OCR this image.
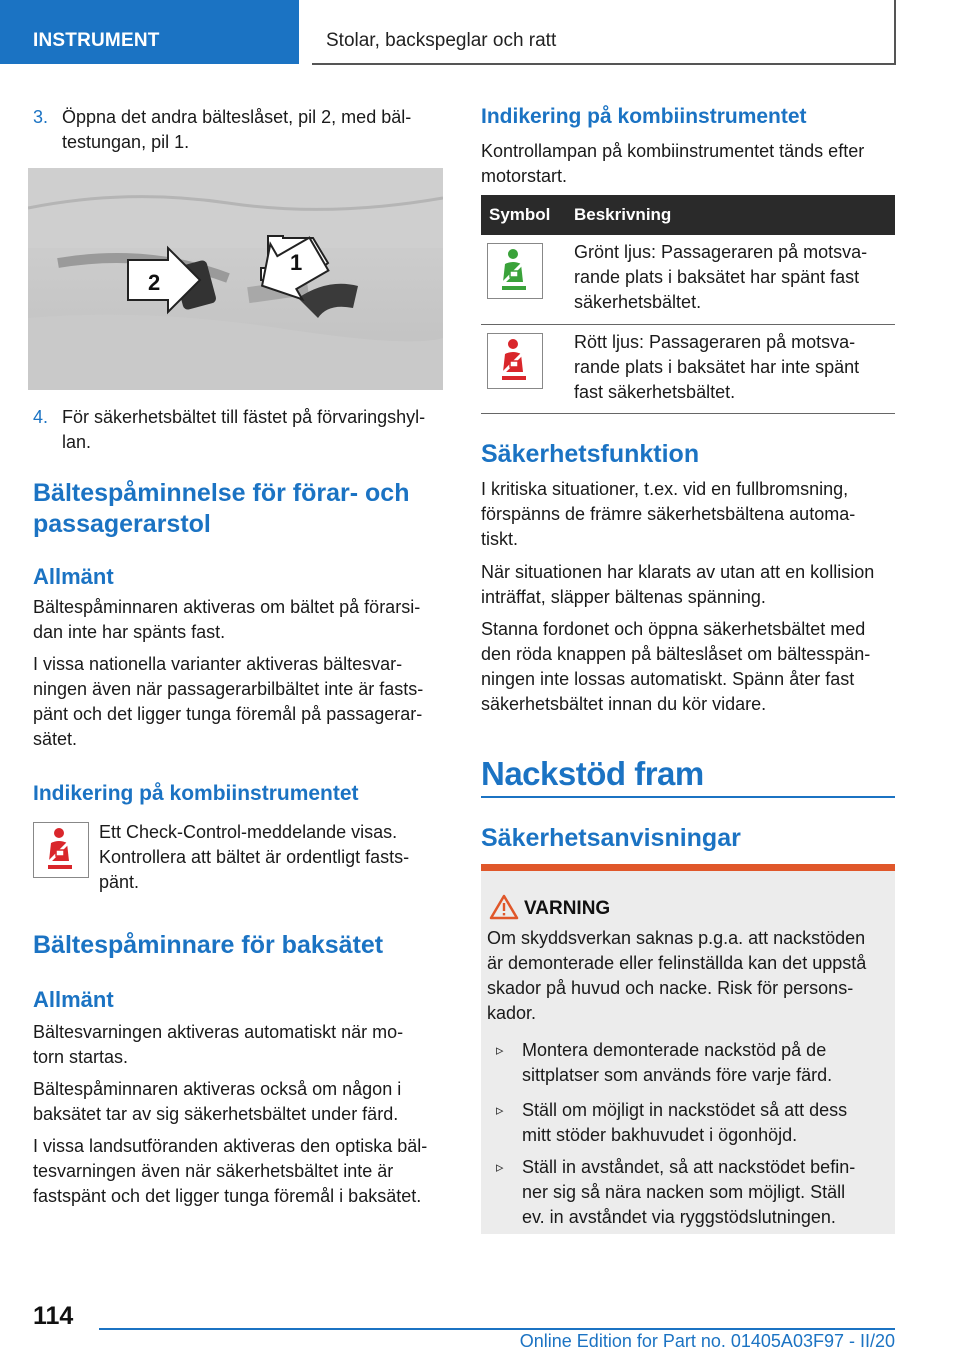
INSTRUMENT	Stolar, backspeglar och ratt
3. Öppna det andra bälteslåset, pil 2, med bäl-
testungan, pil 1.
2
1
4. För säkerhetsbältet till fästet på förvaringshyl-
lan.
Bältespåminnelse för förar- och
passagerarstol
Allmänt
Bältespåminnaren aktiveras om bältet på förarsi-
dan inte har spänts fast.
I vissa nationella varianter aktiveras bältesvar-
ningen även när passagerarbilbältet inte är fasts-
pänt och det ligger tunga föremål på passagerar-
sätet.
Indikering på kombiinstrumentet
Ett Check-Control-meddelande visas.
Kontrollera att bältet är ordentligt fasts-
pänt.
Bältespåminnare för baksätet
Allmänt
Bältesvarningen aktiveras automatiskt när mo-
torn startas.
Bältespåminnaren aktiveras också om någon i
baksätet tar av sig säkerhetsbältet under färd.
I vissa landsutföranden aktiveras den optiska bäl-
tesvarningen även när säkerhetsbältet inte är
fastspänt och det ligger tunga föremål i baksätet.
Indikering på kombiinstrumentet
Kontrollampan på kombiinstrumentet tänds efter
motorstart.
Symbol Beskrivning
Grönt ljus: Passageraren på motsva-
rande plats i baksätet har spänt fast
säkerhetsbältet.
Rött ljus: Passageraren på motsva-
rande plats i baksätet har inte spänt
fast säkerhetsbältet.
Säkerhetsfunktion
I kritiska situationer, t.ex. vid en fullbromsning,
förspänns de främre säkerhetsbältena automa-
tiskt.
När situationen har klarats av utan att en kollision
inträffat, släpper bältenas spänning.
Stanna fordonet och öppna säkerhetsbältet med
den röda knappen på bälteslåset om bältesspän-
ningen inte lossas automatiskt. Spänn åter fast
säkerhetsbältet innan du kör vidare.
Nackstöd fram
Säkerhetsanvisningar
VARNING
Om skyddsverkan saknas p.g.a. att nackstöden
är demonterade eller felinställda kan det uppstå
skador på huvud och nacke. Risk för persons-
kador.
▹ Montera demonterade nackstöd på de
sittplatser som används före varje färd.
▹ Ställ om möjligt in nackstödet så att dess
mitt stöder bakhuvudet i ögonhöjd.
▹ Ställ in avståndet, så att nackstödet befin-
ner sig så nära nacken som möjligt. Ställ
ev. in avståndet via ryggstödslutningen.
114
Online Edition for Part no. 01405A03F97 - II/20
